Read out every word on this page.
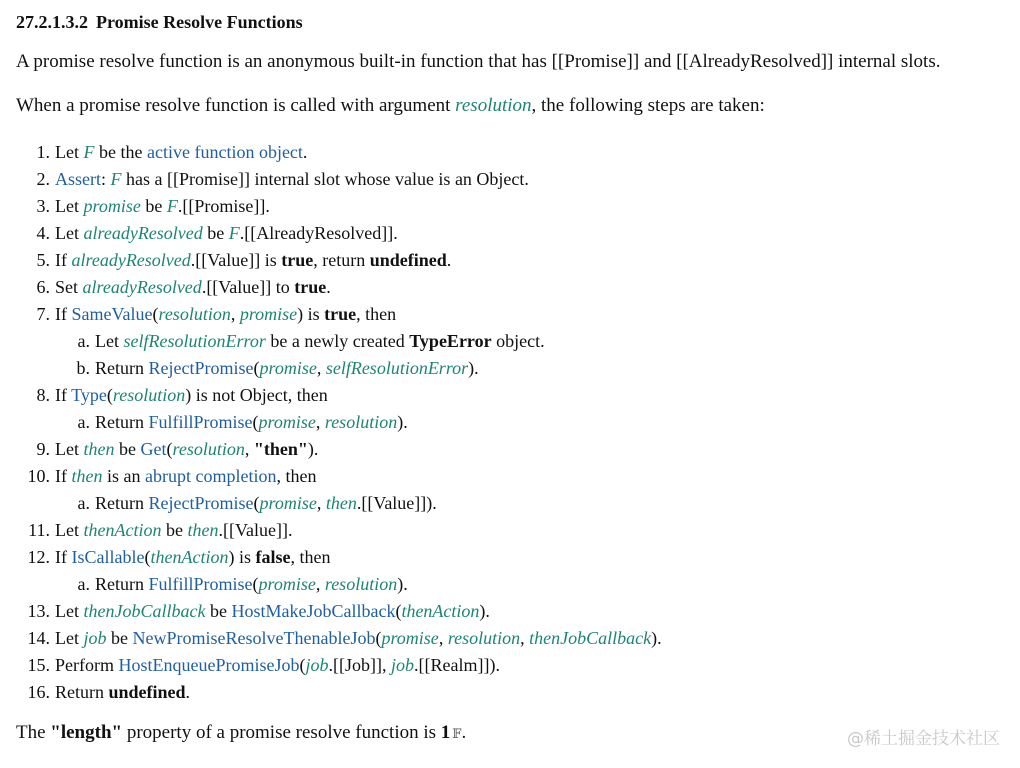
27.2.1.3.2 Promise Resolve Functions

A promise resolve function is an anonymous built-in function that has [[Promise]] and [[AlreadyResolved]] internal slots.

When a promise resolve function is called with argument resolution, the following steps are taken:

1. Let F be the active function object.
2. Assert: F has a [[Promise]] internal slot whose value is an Object.
3. Let promise be F.[[Promise]].
4. Let alreadyResolved be F.[[AlreadyResolved]].
5. If alreadyResolved.[[Value]] is true, return undefined.
6. Set alreadyResolved.[[Value]] to true.
7. If SameValue(resolution, promise) is true, then
a. Let selfResolutionError be a newly created TypeError object.
b. Return RejectPromise(promise, selfResolutionError).
8. If Type(resolution) is not Object, then
a. Return FulfillPromise(promise, resolution).
9. Let then be Get(resolution, "then").
10. If then is an abrupt completion, then
a. Return RejectPromise(promise, then.[[Value]]).
11. Let thenAction be then.[[Value]].
12. If IsCallable(thenAction) is false, then
a. Return FulfillPromise(promise, resolution).
13. Let thenJobCallback be HostMakeJobCallback(thenAction).
14. Let job be NewPromiseResolveThenableJob(promise, resolution, thenJobCallback).
15. Perform HostEnqueuePromiseJob(job.[[Job]], job.[[Realm]]).
16. Return undefined.

The "length" property of a promise resolve function is 1 𝔽.	@稀土掘金技术社区
